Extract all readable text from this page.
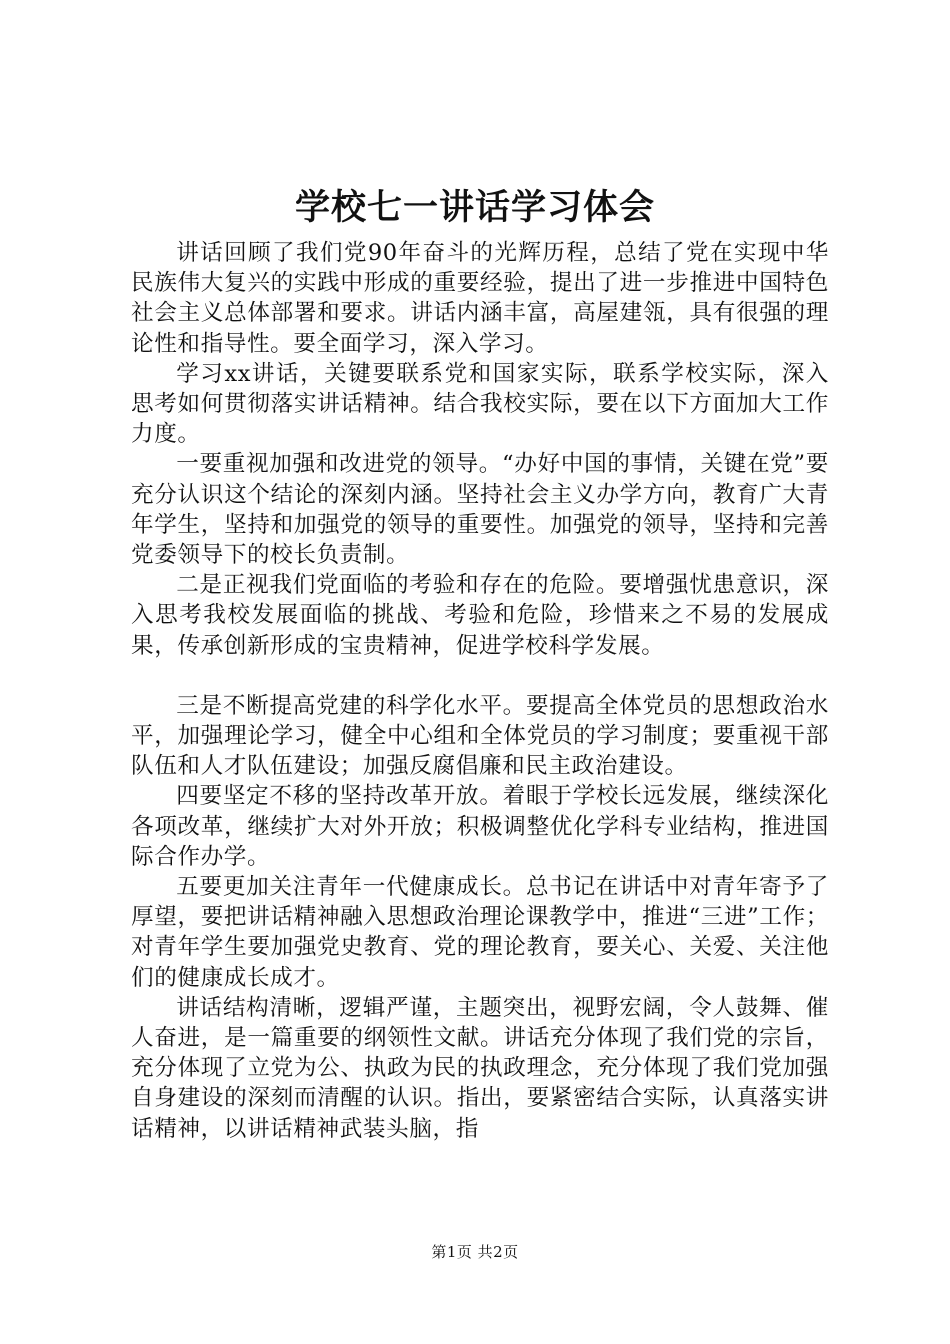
学校七一讲话学习体会

讲话回顾了我们党90年奋斗的光辉历程，总结了党在实现中华民族伟大复兴的实践中形成的重要经验，提出了进一步推进中国特色社会主义总体部署和要求。讲话内涵丰富，高屋建瓴，具有很强的理论性和指导性。要全面学习，深入学习。

学习xx讲话，关键要联系党和国家实际，联系学校实际，深入思考如何贯彻落实讲话精神。结合我校实际，要在以下方面加大工作力度。

一要重视加强和改进党的领导。“办好中国的事情，关键在党”要充分认识这个结论的深刻内涵。坚持社会主义办学方向，教育广大青年学生，坚持和加强党的领导的重要性。加强党的领导，坚持和完善党委领导下的校长负责制。

二是正视我们党面临的考验和存在的危险。要增强忧患意识，深入思考我校发展面临的挑战、考验和危险，珍惜来之不易的发展成果，传承创新形成的宝贵精神，促进学校科学发展。

三是不断提高党建的科学化水平。要提高全体党员的思想政治水平，加强理论学习，健全中心组和全体党员的学习制度；要重视干部队伍和人才队伍建设；加强反腐倡廉和民主政治建设。

四要坚定不移的坚持改革开放。着眼于学校长远发展，继续深化各项改革，继续扩大对外开放；积极调整优化学科专业结构，推进国际合作办学。

五要更加关注青年一代健康成长。总书记在讲话中对青年寄予了厚望，要把讲话精神融入思想政治理论课教学中，推进“三进”工作；对青年学生要加强党史教育、党的理论教育，要关心、关爱、关注他们的健康成长成才。

讲话结构清晰，逻辑严谨，主题突出，视野宏阔，令人鼓舞、催人奋进，是一篇重要的纲领性文献。讲话充分体现了我们党的宗旨，充分体现了立党为公、执政为民的执政理念，充分体现了我们党加强自身建设的深刻而清醒的认识。指出，要紧密结合实际，认真落实讲话精神，以讲话精神武装头脑，指

第1页 共2页
